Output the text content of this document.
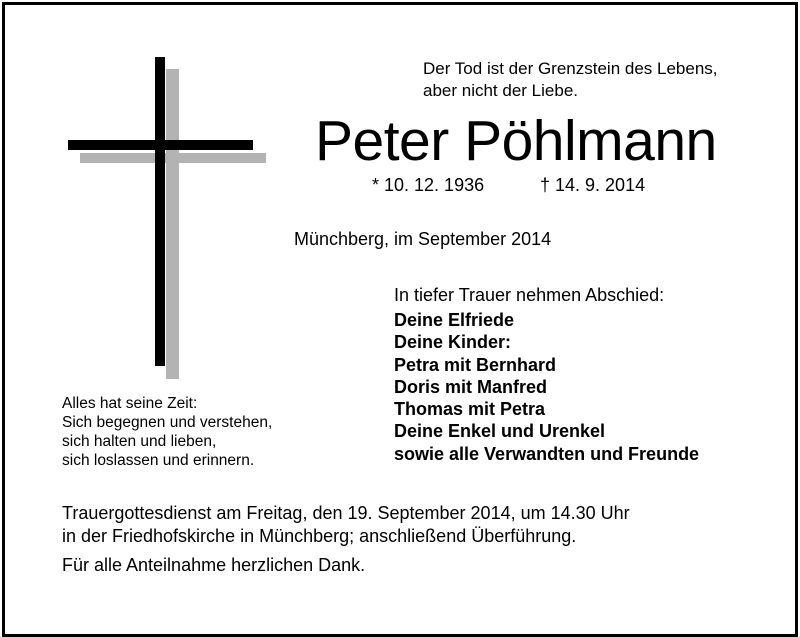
Der Tod ist der Grenzstein des Lebens,
aber nicht der Liebe.
Peter Pöhlmann
* 10. 12. 1936	† 14. 9. 2014
Münchberg, im September 2014
In tiefer Trauer nehmen Abschied:
Deine Elfriede
Deine Kinder:
Petra mit Bernhard
Doris mit Manfred
Thomas mit Petra
Deine Enkel und Urenkel
sowie alle Verwandten und Freunde
Alles hat seine Zeit:
Sich begegnen und verstehen,
sich halten und lieben,
sich loslassen und erinnern.
Trauergottesdienst am Freitag, den 19. September 2014, um 14.30 Uhr
in der Friedhofskirche in Münchberg; anschließend Überführung.
Für alle Anteilnahme herzlichen Dank.
